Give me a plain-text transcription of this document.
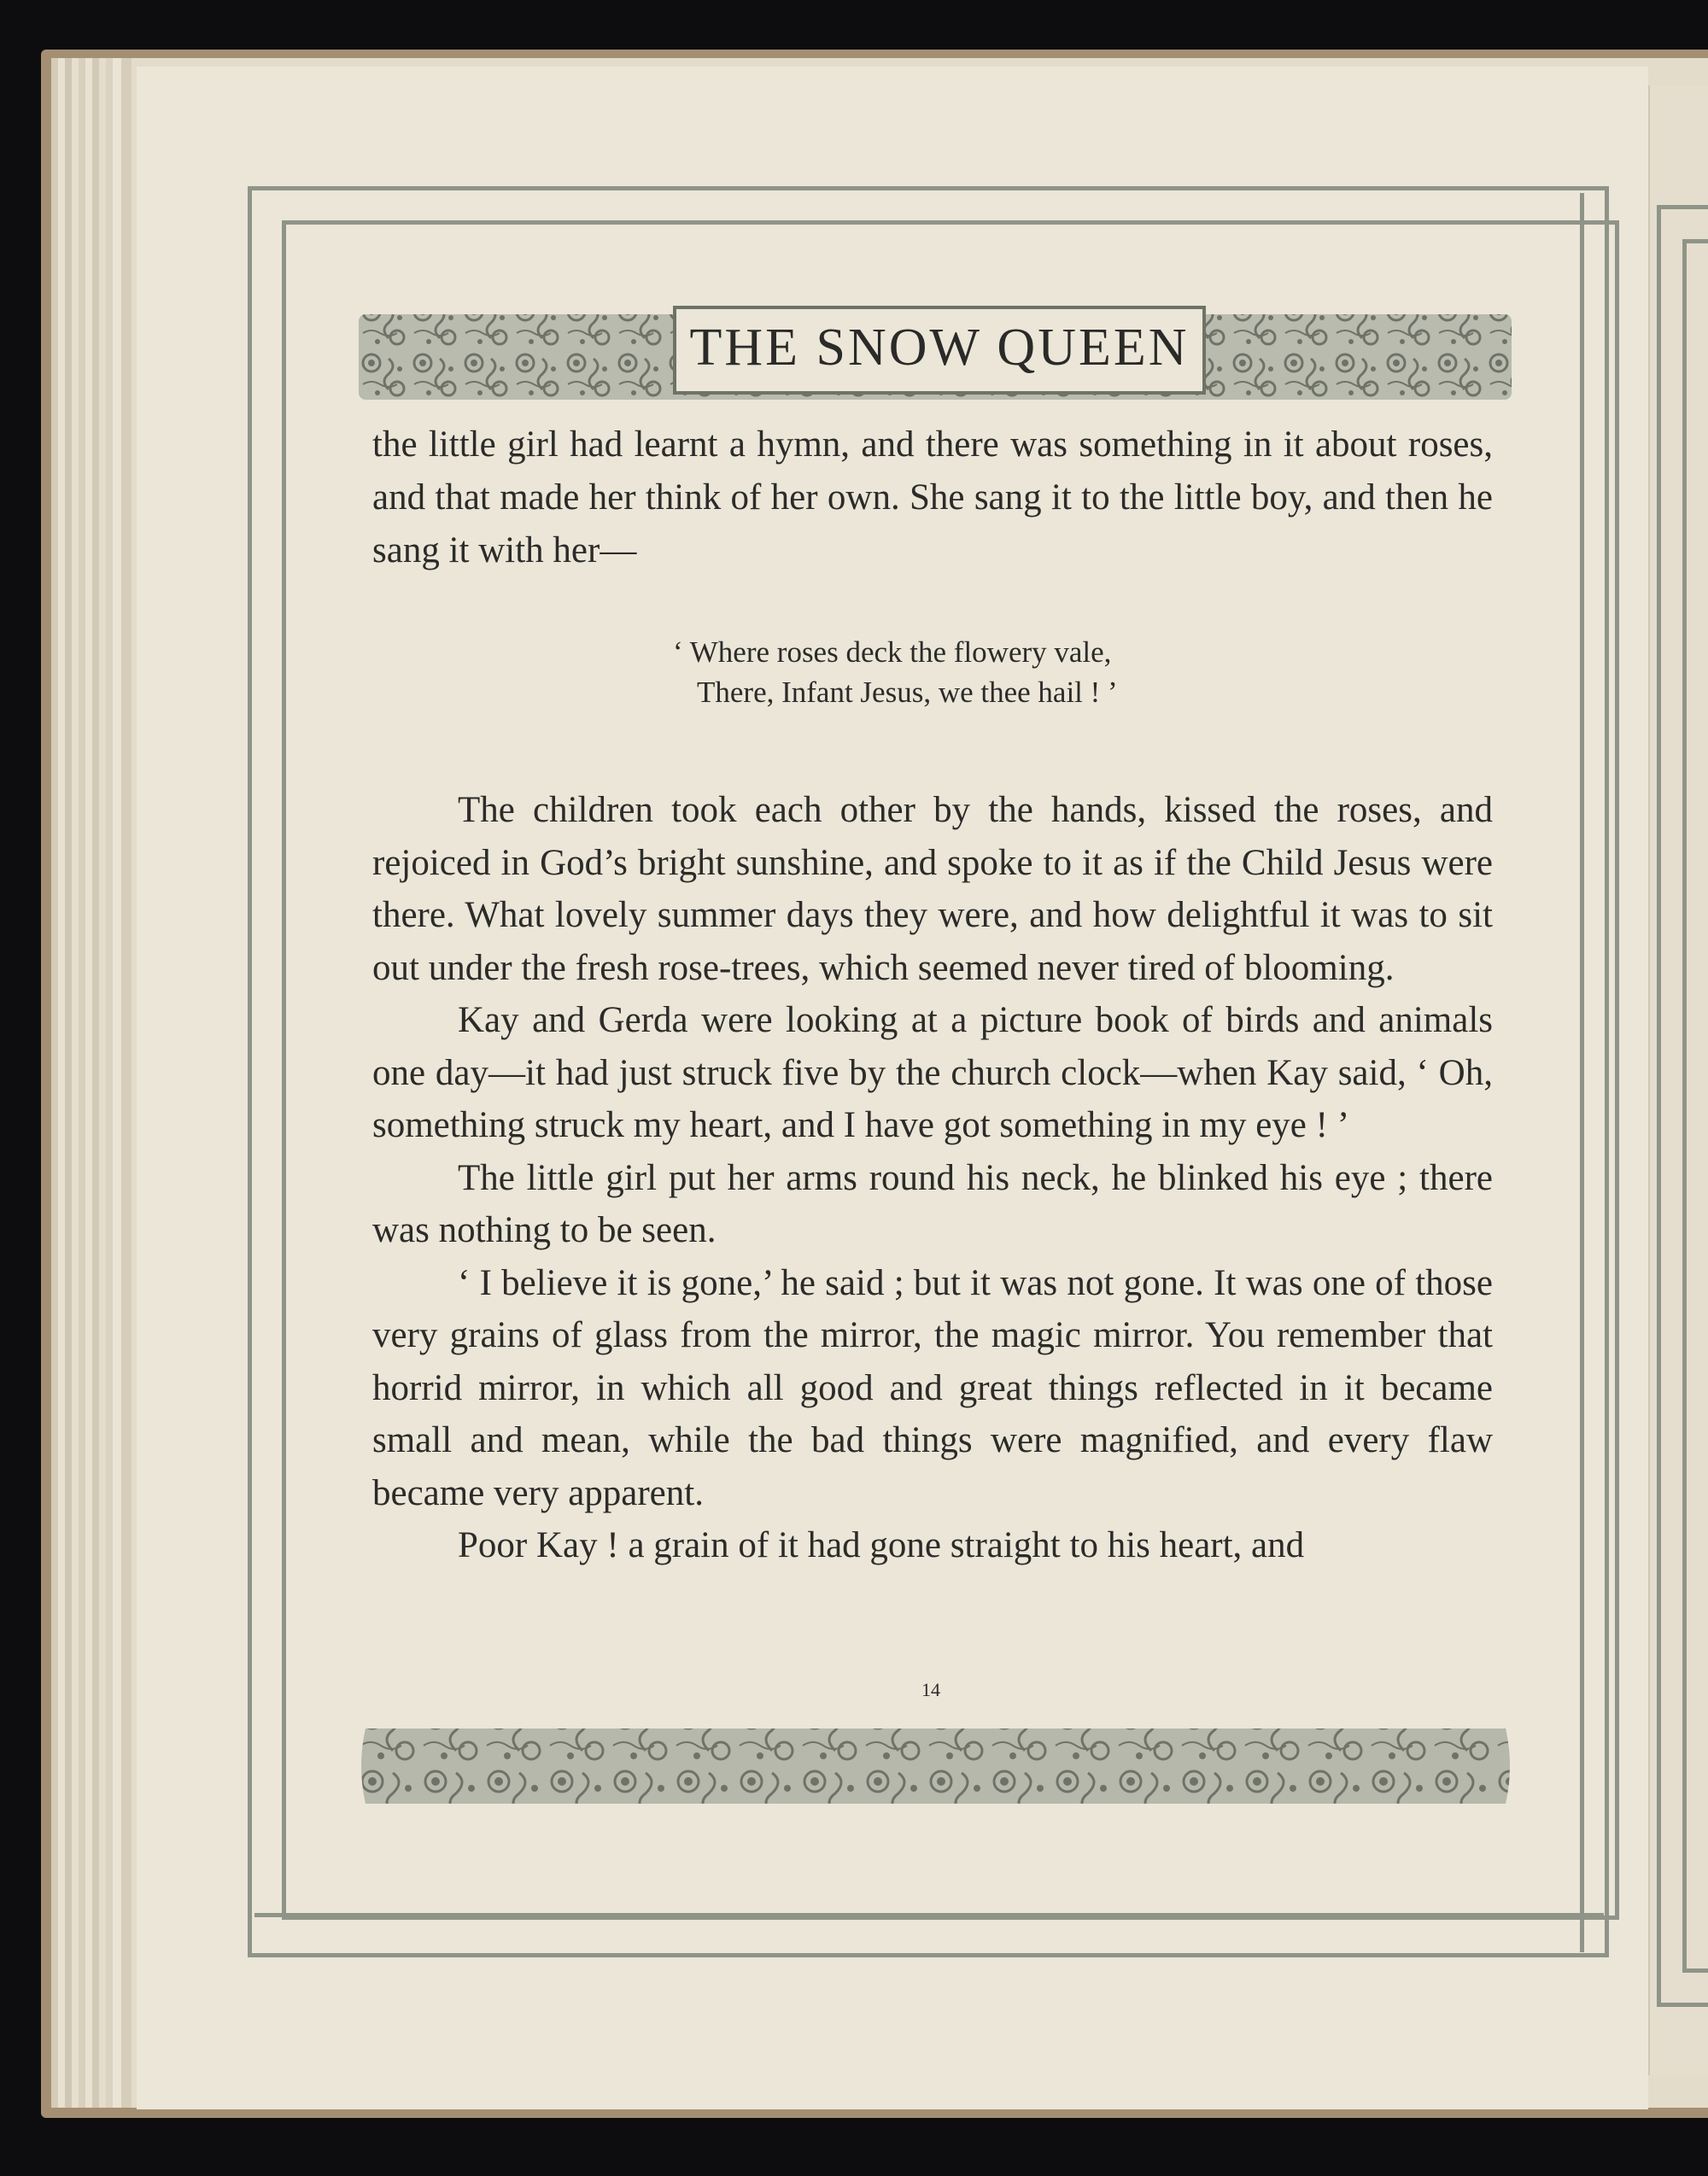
THE SNOW QUEEN

the little girl had learnt a hymn, and there was something in it about roses, and that made her think of her own. She sang it to the little boy, and then he sang it with her—

‘ Where roses deck the flowery vale,
There, Infant Jesus, we thee hail ! ’

The children took each other by the hands, kissed the roses, and rejoiced in God’s bright sunshine, and spoke to it as if the Child Jesus were there. What lovely summer days they were, and how delightful it was to sit out under the fresh rose-trees, which seemed never tired of blooming.

Kay and Gerda were looking at a picture book of birds and animals one day—it had just struck five by the church clock—when Kay said, ‘ Oh, something struck my heart, and I have got something in my eye ! ’

The little girl put her arms round his neck, he blinked his eye ; there was nothing to be seen.

‘ I believe it is gone,’ he said ; but it was not gone. It was one of those very grains of glass from the mirror, the magic mirror. You remember that horrid mirror, in which all good and great things reflected in it became small and mean, while the bad things were magnified, and every flaw became very apparent.

Poor Kay ! a grain of it had gone straight to his heart, and

14
